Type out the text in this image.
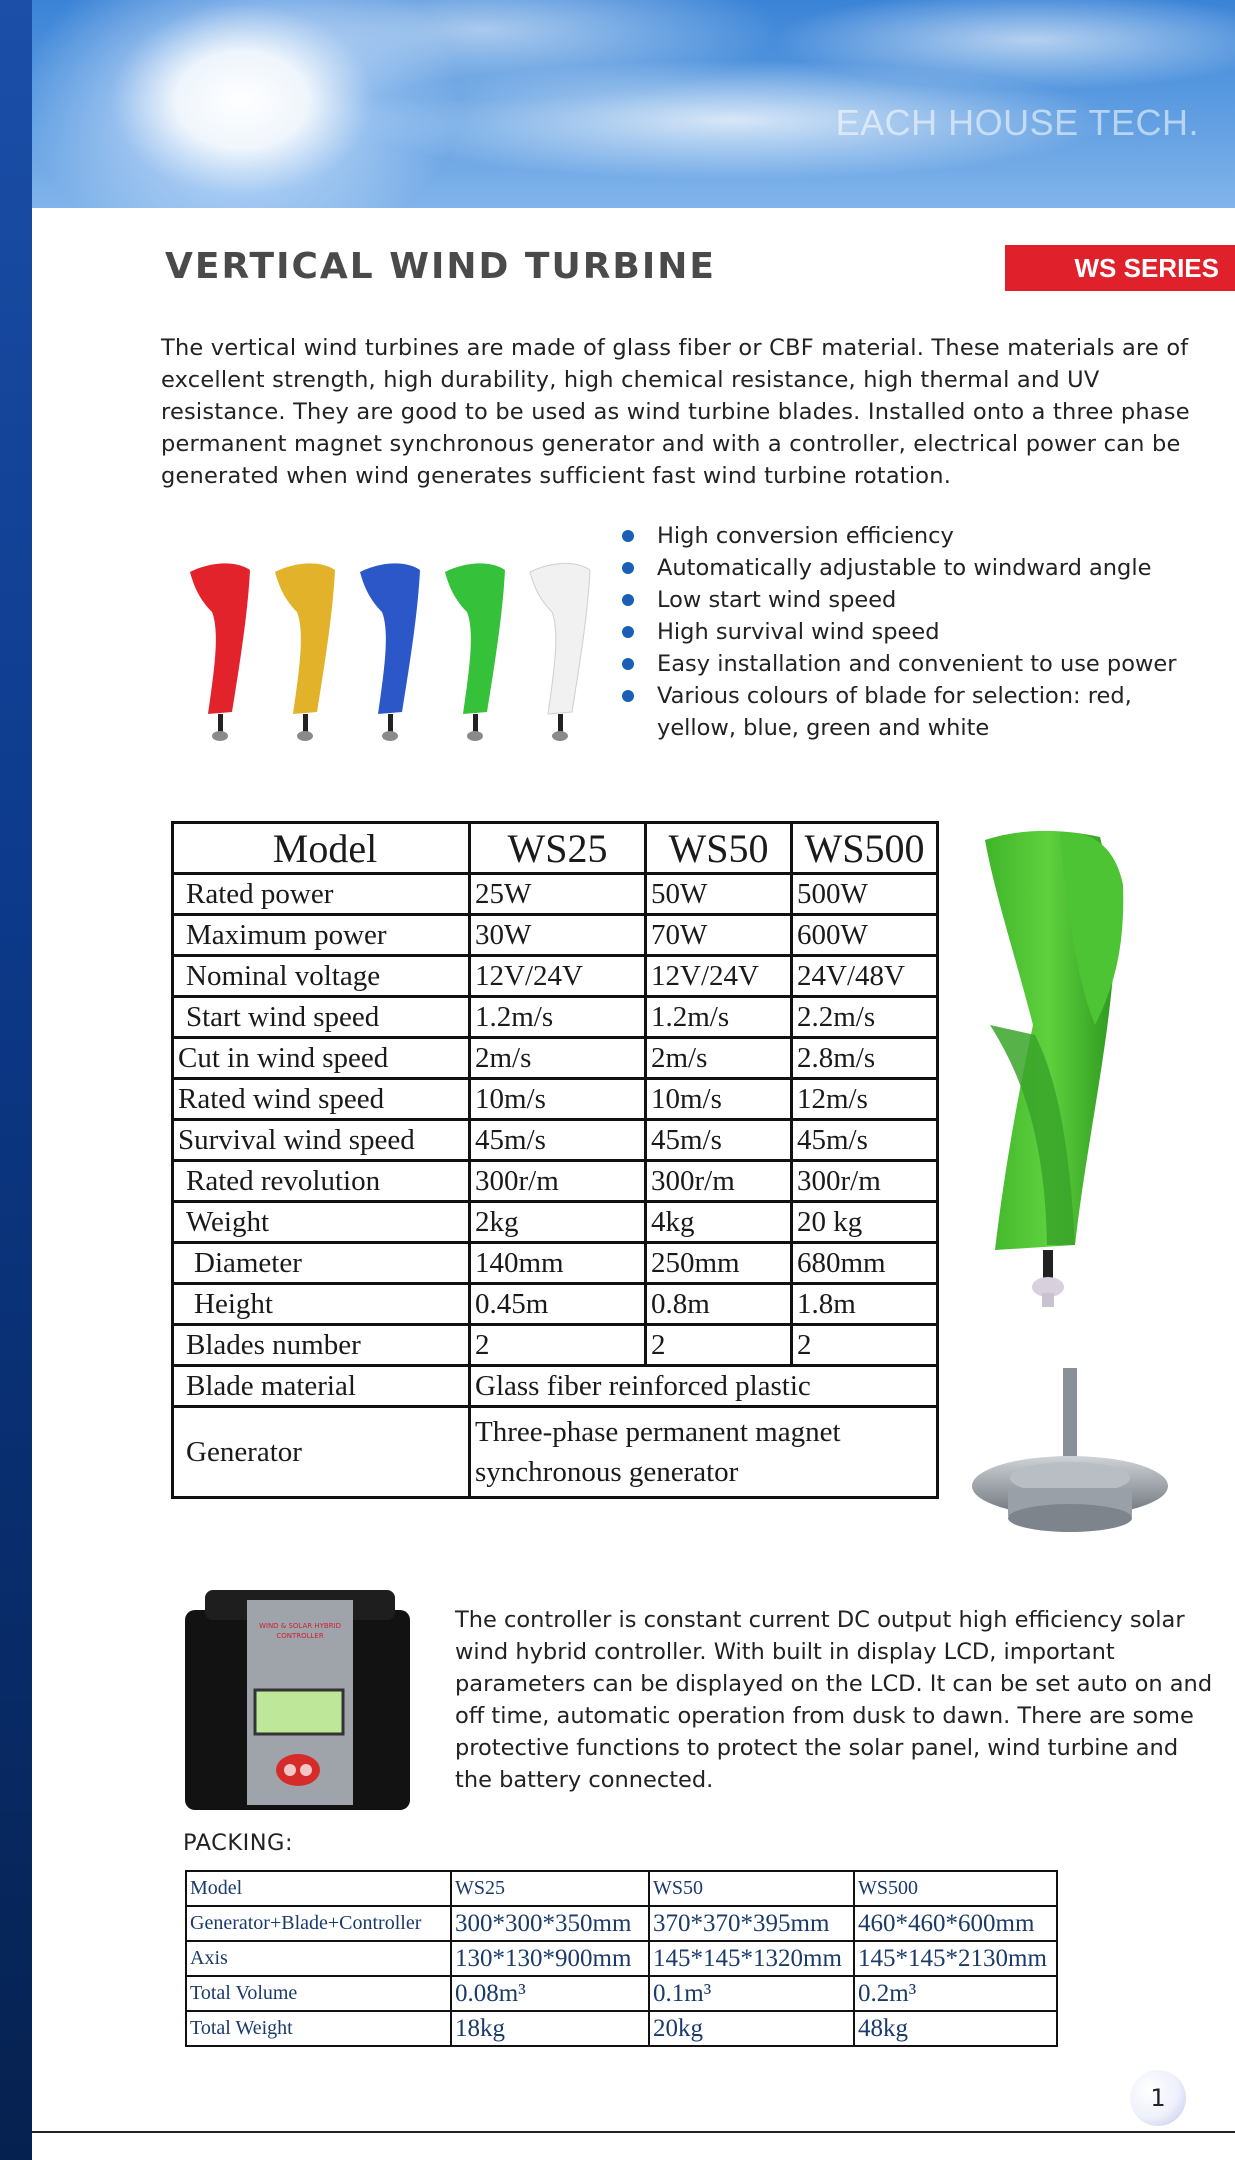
EACH HOUSE TECH.
VERTICAL WIND TURBINE	WS SERIES
The vertical wind turbines are made of glass fiber or CBF material. These materials are of excellent strength, high durability, high chemical resistance, high thermal and UV resistance. They are good to be used as wind turbine blades. Installed onto a three phase permanent magnet synchronous generator and with a controller, electrical power can be generated when wind generates sufficient fast wind turbine rotation.
High conversion efficiency
Automatically adjustable to windward angle
Low start wind speed
High survival wind speed
Easy installation and convenient to use power
Various colours of blade for selection: red, yellow, blue, green and white
Model	WS25	WS50	WS500
Rated power	25W	50W	500W
Maximum power	30W	70W	600W
Nominal voltage	12V/24V	12V/24V	24V/48V
Start wind speed	1.2m/s	1.2m/s	2.2m/s
Cut in wind speed	2m/s	2m/s	2.8m/s
Rated wind speed	10m/s	10m/s	12m/s
Survival wind speed	45m/s	45m/s	45m/s
Rated revolution	300r/m	300r/m	300r/m
Weight	2kg	4kg	20 kg
Diameter	140mm	250mm	680mm
Height	0.45m	0.8m	1.8m
Blades number	2	2	2
Blade material	Glass fiber reinforced plastic		
Generator	Three-phase permanent magnet
synchronous generator		
WIND & SOLAR HYBRID
CONTROLLER
The controller is constant current DC output high efficiency solar wind hybrid controller. With built in display LCD, important parameters can be displayed on the LCD. It can be set auto on and off time, automatic operation from dusk to dawn. There are some protective functions to protect the solar panel, wind turbine and the battery connected.
PACKING:
Model	WS25	WS50	WS500
Generator+Blade+Controller	300*300*350mm	370*370*395mm	460*460*600mm
Axis	130*130*900mm	145*145*1320mm	145*145*2130mm
Total Volume	0.08m³	0.1m³	0.2m³
Total Weight	18kg	20kg	48kg
1
